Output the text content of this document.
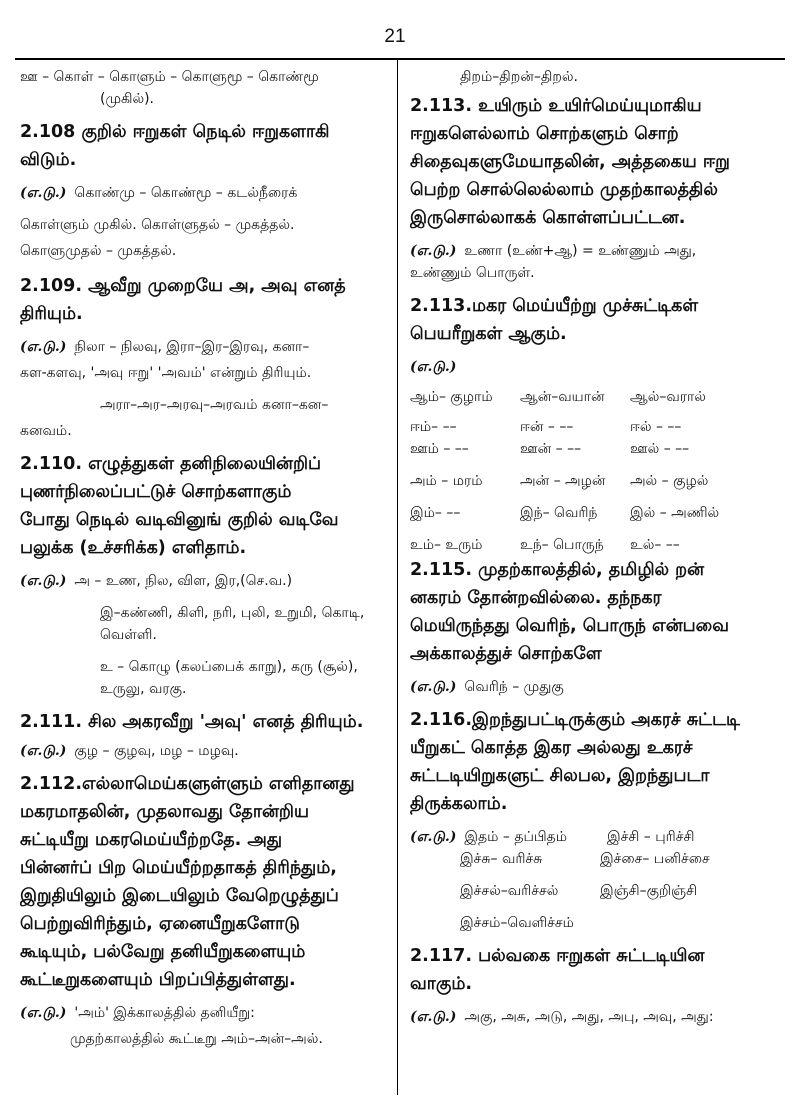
21
ஊ – கொள் – கொளும் – கொளுமூ – கொண்மூ
(முகில்).
2.108 குறில் ஈறுகள் நெடில் ஈறுகளாகி
விடும்.
(எ.டு.) கொண்மு – கொண்மூ – கடல்நீரைக்
கொள்ளும் முகில். கொள்ளுதல் – முகத்தல்.
கொளுமுதல் – முகத்தல்.
2.109. ஆவீறு முறையே அ, அவு எனத்
திரியும்.
(எ.டு.) நிலா – நிலவு, இரா–இர–இரவு, கனா–
கள-களவு, 'அவு ஈறு' 'அவம்' என்றும் திரியும்.
அரா–அர–அரவு–அரவம் கனா–கன–
கனவம்.
2.110. எழுத்துகள் தனிநிலையின்றிப்
புணர்நிலைப்பட்டுச் சொற்களாகும்
போது நெடில் வடிவினுங் குறில் வடிவே
பலுக்க (உச்சரிக்க) எளிதாம்.
(எ.டு.) அ – உண, நில, விள, இர,(செ.வ.)
இ–கண்ணி, கிளி, நரி, புலி, உறுமி, கொடி,
வெள்ளி.
உ – கொழு (கலப்பைக் காறு), கரு (சூல்),
உருலு, வரகு.
2.111. சில அகரவீறு 'அவு' எனத் திரியும்.
(எ.டு.) குழ – குழவு, மழ – மழவு.
2.112.எல்லாமெய்களுள்ளும் எளிதானது
மகரமாதலின், முதலாவது தோன்றிய
சுட்டியீறு மகரமெய்யீற்றதே. அது
பின்னர்ப் பிற மெய்யீற்றதாகத் திரிந்தும்,
இறுதியிலும் இடையிலும் வேறெழுத்துப்
பெற்றுவிரிந்தும், ஏனையீறுகளோடு
கூடியும், பல்வேறு தனியீறுகளையும்
கூட்டீறுகளையும் பிறப்பித்துள்ளது.
(எ.டு.) 'அம்' இக்காலத்தில் தனியீறு:
முதற்காலத்தில் கூட்டீறு அம்–அன்–அல்.
திறம்–திறன்–திறல்.
2.113. உயிரும் உயிர்மெய்யுமாகிய
ஈறுகளெல்லாம் சொற்களும் சொற்
சிதைவுகளுமேயாதலின், அத்தகைய ஈறு
பெற்ற சொல்லெல்லாம் முதற்காலத்தில்
இருசொல்லாகக் கொள்ளப்பட்டன.
(எ.டு.) உணா (உண்+ஆ) = உண்ணும் அது,
உண்ணும் பொருள்.
2.113.மகர மெய்யீற்று முச்சுட்டிகள்
பெயரீறுகள் ஆகும்.
(எ.டு.)
ஆம்– குழாம்	ஆன்–வயான்	ஆல்–வரால்
ஈம்– ––	ஈன் – ––	ஈல் – ––
ஊம் – ––	ஊன் – ––	ஊல் – ––
அம் – மரம்	அன் – அழன்	அல் – குழல்
இம்– ––	இந்– வெரிந்	இல் – அணில்
உம்– உரும்	உந்– பொருந்	உல்– ––
2.115. முதற்காலத்தில், தமிழில் றன்
னகரம் தோன்றவில்லை. தந்நகர
மெயிருந்தது வெரிந், பொருந் என்பவை
அக்காலத்துச் சொற்களே
(எ.டு.) வெரிந் – முதுகு
2.116.இறந்துபட்டிருக்கும் அகரச் சுட்டடி
யீறுகட் கொத்த இகர அல்லது உகரச்
சுட்டடியிறுகளுட் சிலபல, இறந்துபடா
திருக்கலாம்.
(எ.டு.) இதம் – தப்பிதம்	இச்சி – புரிச்சி
இச்சு– வரிச்சு	இச்சை– பனிச்சை
இச்சல்–வரிச்சல்	இஞ்சி–குறிஞ்சி
இச்சம்–வெளிச்சம்
2.117. பல்வகை ஈறுகள் சுட்டடியின
வாகும்.
(எ.டு.) அகு, அசு, அடு, அது, அபு, அவு, அது:
